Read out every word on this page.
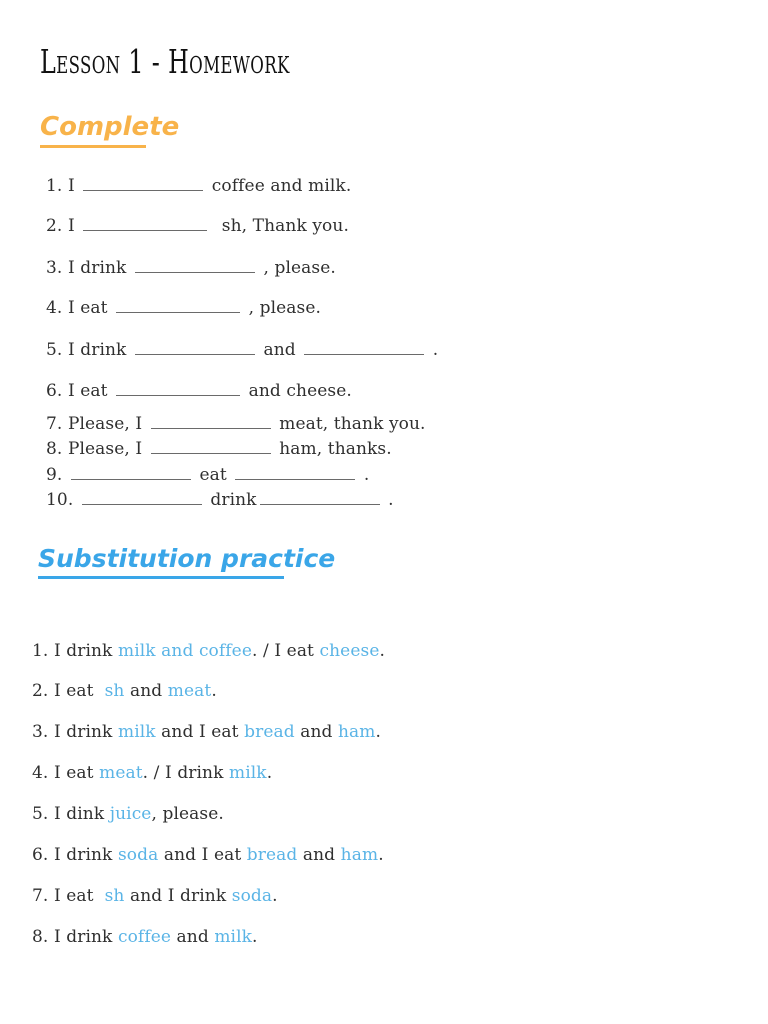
Lesson 1 - Homework
Complete
1. I	coffee and milk.
2. I	sh, Thank you.
3. I drink	, please.
4. I eat	, please.
5. I drink	and	.
6. I eat	and cheese.
7. Please, I	meat, thank you.
8. Please, I	ham, thanks.
9.	eat	.
10.	drink	.
Substitution practice
1. I drink milk and coffee. / I eat cheese.
2. I eat  sh and meat.
3. I drink milk and I eat bread and ham.
4. I eat meat. / I drink milk.
5. I dink juice, please.
6. I drink soda and I eat bread and ham.
7. I eat  sh and I drink soda.
8. I drink coffee and milk.
